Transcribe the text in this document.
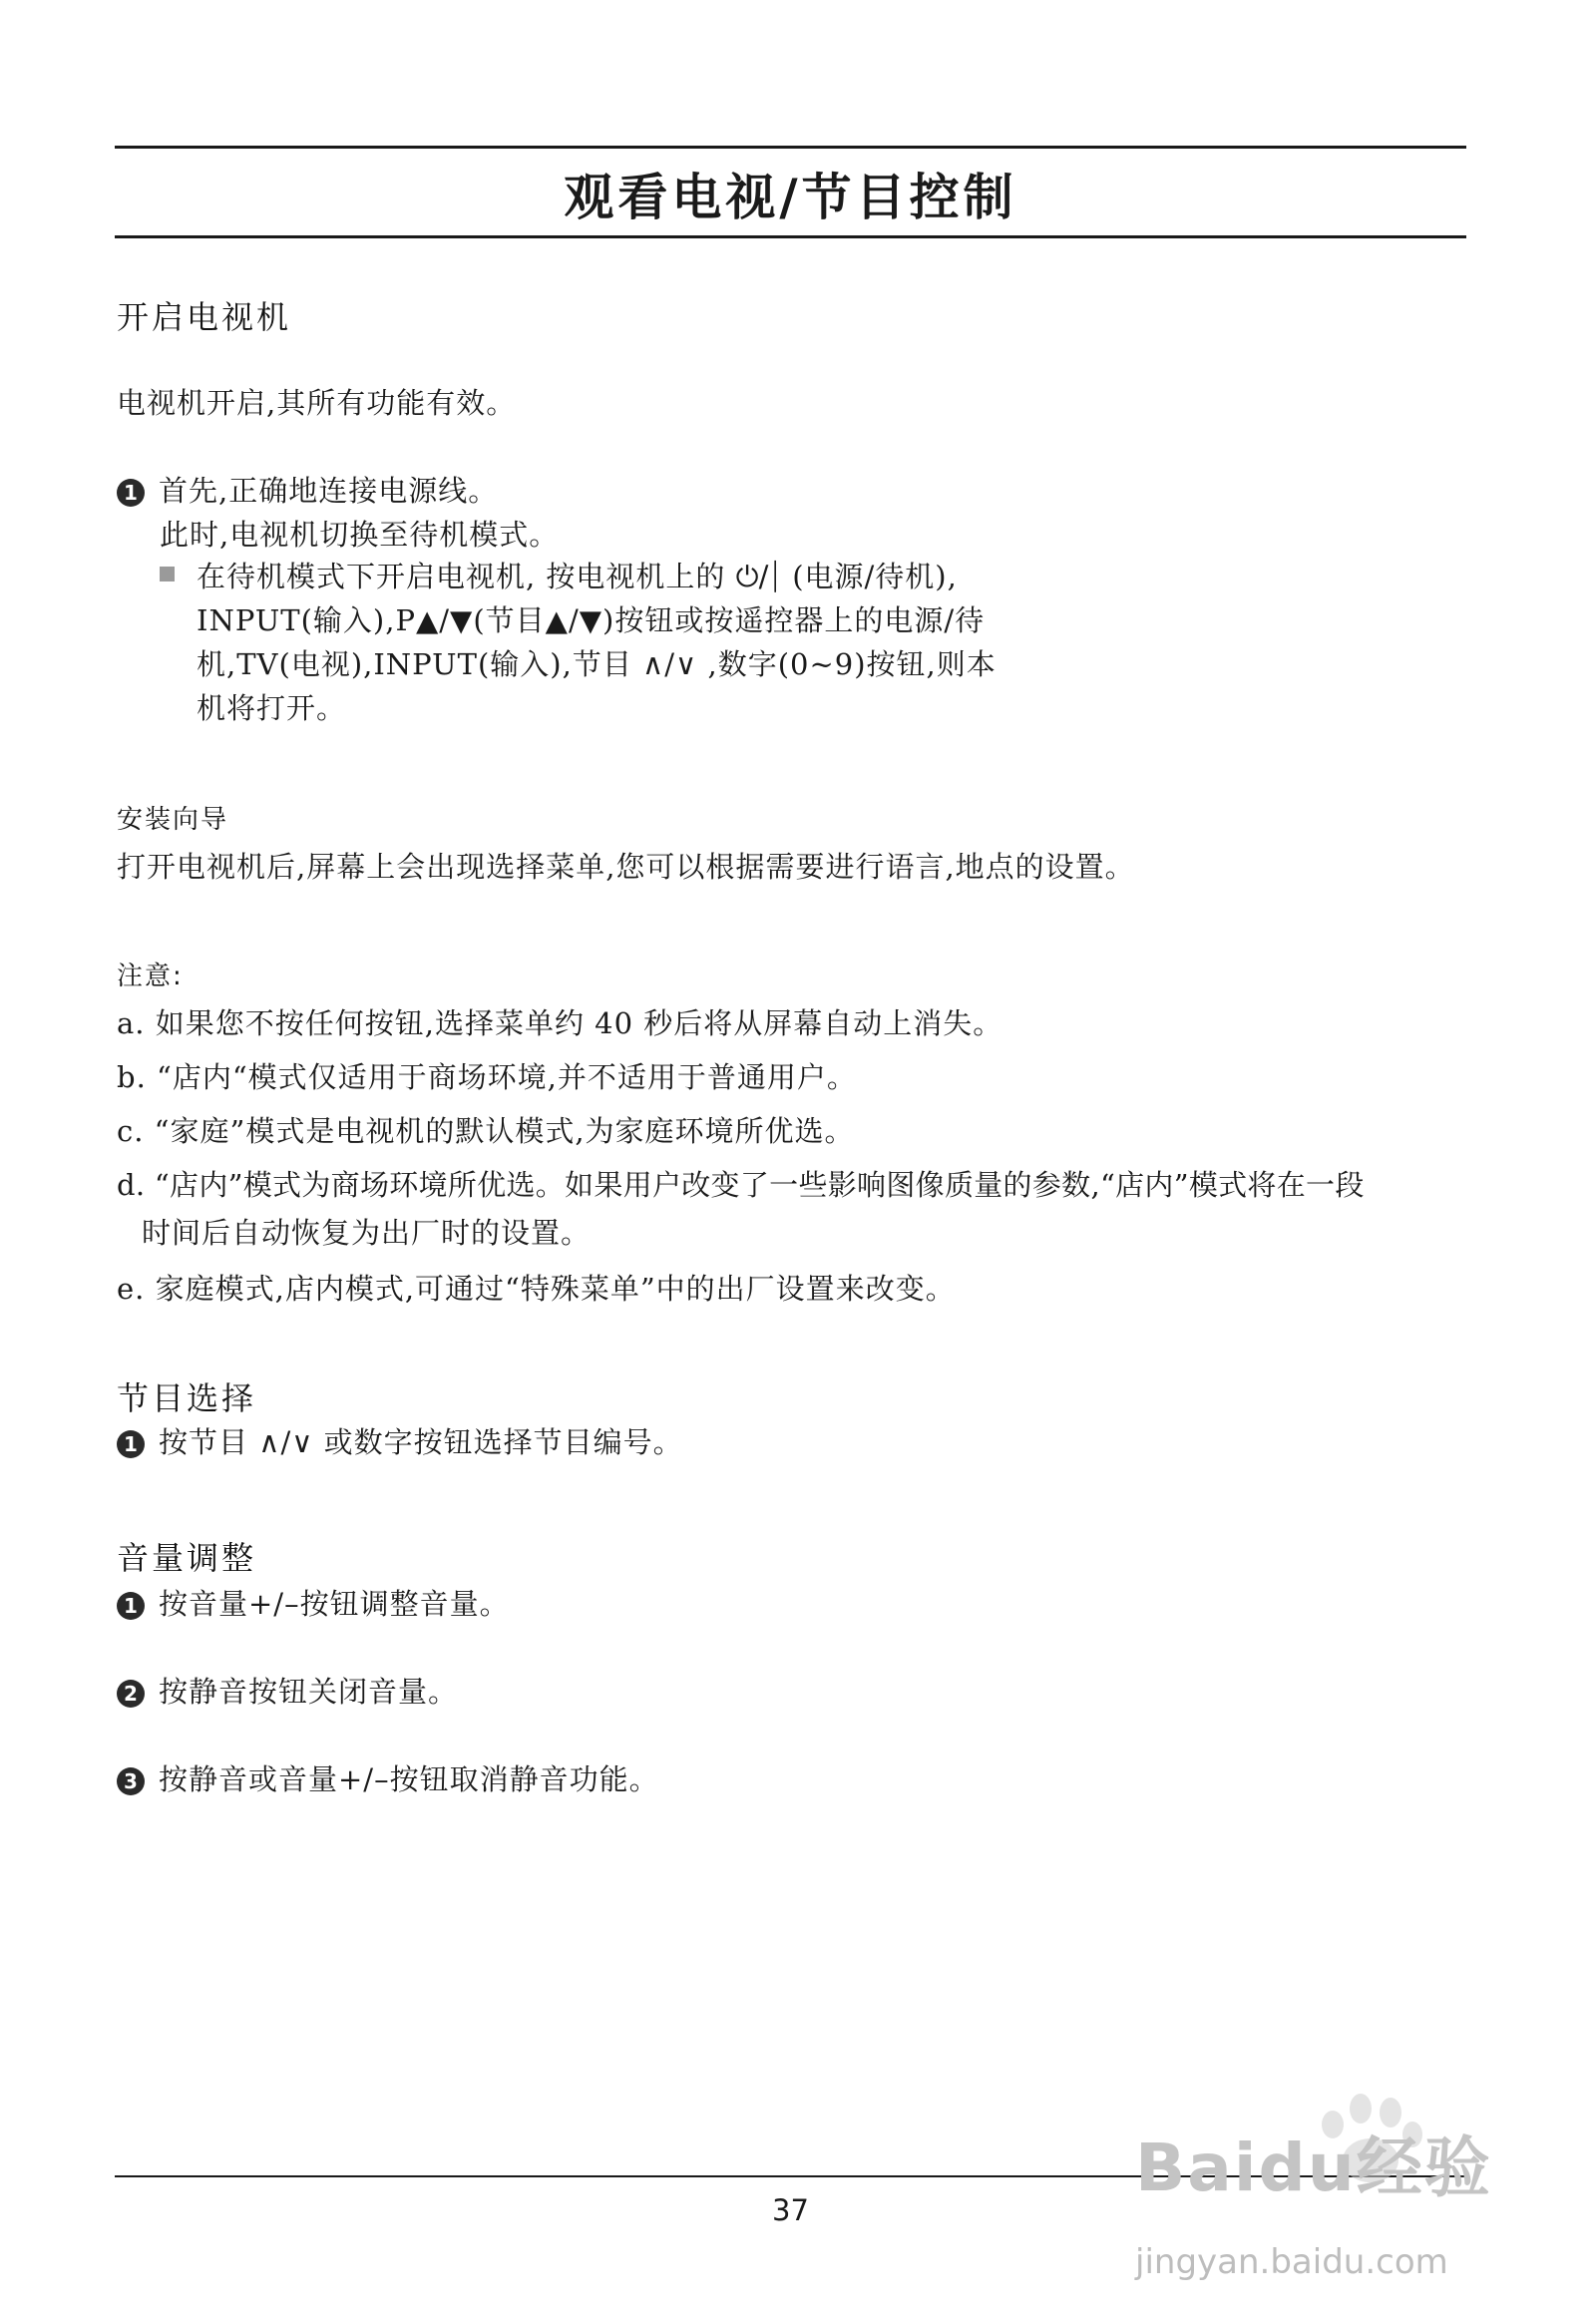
观看电视/节目控制
开启电视机
电视机开启,其所有功能有效。
1 首先,正确地连接电源线。
此时,电视机切换至待机模式。
在待机模式下开启电视机, 按电视机上的 ⏻/⏐ (电源/待机),
INPUT(输入),P▲/▼(节目▲/▼)按钮或按遥控器上的电源/待
机,TV(电视),INPUT(输入),节目 ∧/∨ ,数字(0~9)按钮,则本
机将打开。
安装向导
打开电视机后,屏幕上会出现选择菜单,您可以根据需要进行语言,地点的设置。
注意:
a. 如果您不按任何按钮,选择菜单约 40 秒后将从屏幕自动上消失。
b. “店内“模式仅适用于商场环境,并不适用于普通用户。
c. “家庭”模式是电视机的默认模式,为家庭环境所优选。
d. “店内”模式为商场环境所优选。如果用户改变了一些影响图像质量的参数,“店内”模式将在一段
时间后自动恢复为出厂时的设置。
e. 家庭模式,店内模式,可通过“特殊菜单”中的出厂设置来改变。
节目选择
1 按节目 ∧/∨ 或数字按钮选择节目编号。
音量调整
1 按音量+/–按钮调整音量。
2 按静音按钮关闭音量。
3 按静音或音量+/–按钮取消静音功能。
37
Baidu经验
jingyan.baidu.com
